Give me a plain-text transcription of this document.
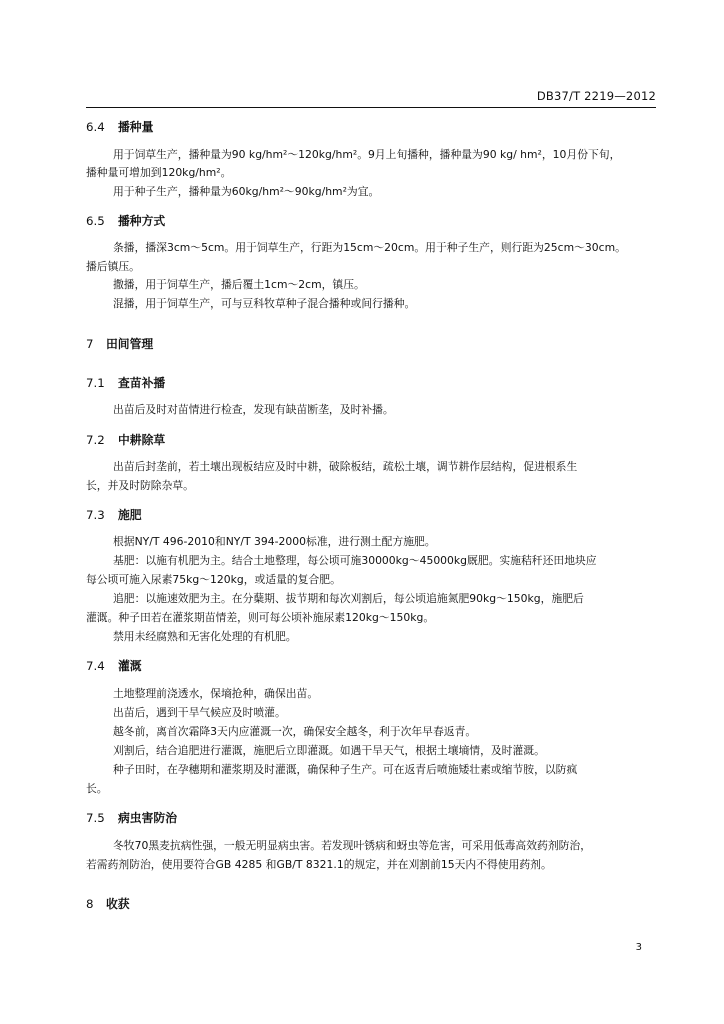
DB37/T 2219—2012
6.4 播种量
用于饲草生产，播种量为90 kg/hm²～120kg/hm²。9月上旬播种，播种量为90 kg/ hm²，10月份下旬，
播种量可增加到120kg/hm²。
用于种子生产，播种量为60kg/hm²～90kg/hm²为宜。
6.5 播种方式
条播，播深3cm～5cm。用于饲草生产，行距为15cm～20cm。用于种子生产，则行距为25cm～30cm。
播后镇压。
撒播，用于饲草生产，播后覆土1cm～2cm，镇压。
混播，用于饲草生产，可与豆科牧草种子混合播种或间行播种。
7 田间管理
7.1 查苗补播
出苗后及时对苗情进行检查，发现有缺苗断垄，及时补播。
7.2 中耕除草
出苗后封垄前，若土壤出现板结应及时中耕，破除板结，疏松土壤，调节耕作层结构，促进根系生
长，并及时防除杂草。
7.3 施肥
根据NY/T 496-2010和NY/T 394-2000标准，进行测土配方施肥。
基肥：以施有机肥为主。结合土地整理，每公顷可施30000kg～45000kg厩肥。实施秸秆还田地块应
每公顷可施入尿素75kg～120kg，或适量的复合肥。
追肥：以施速效肥为主。在分蘖期、拔节期和每次刈割后，每公顷追施氮肥90kg～150kg，施肥后
灌溉。种子田若在灌浆期苗情差，则可每公顷补施尿素120kg～150kg。
禁用未经腐熟和无害化处理的有机肥。
7.4 灌溉
土地整理前浇透水，保墒抢种，确保出苗。
出苗后，遇到干旱气候应及时喷灌。
越冬前，离首次霜降3天内应灌溉一次，确保安全越冬，利于次年早春返青。
刈割后，结合追肥进行灌溉，施肥后立即灌溉。如遇干旱天气，根据土壤墒情，及时灌溉。
种子田时，在孕穗期和灌浆期及时灌溉，确保种子生产。可在返青后喷施矮壮素或缩节胺，以防疯
长。
7.5 病虫害防治
冬牧70黑麦抗病性强，一般无明显病虫害。若发现叶锈病和蚜虫等危害，可采用低毒高效药剂防治，
若需药剂防治，使用要符合GB 4285 和GB/T 8321.1的规定，并在刈割前15天内不得使用药剂。
8 收获
3
